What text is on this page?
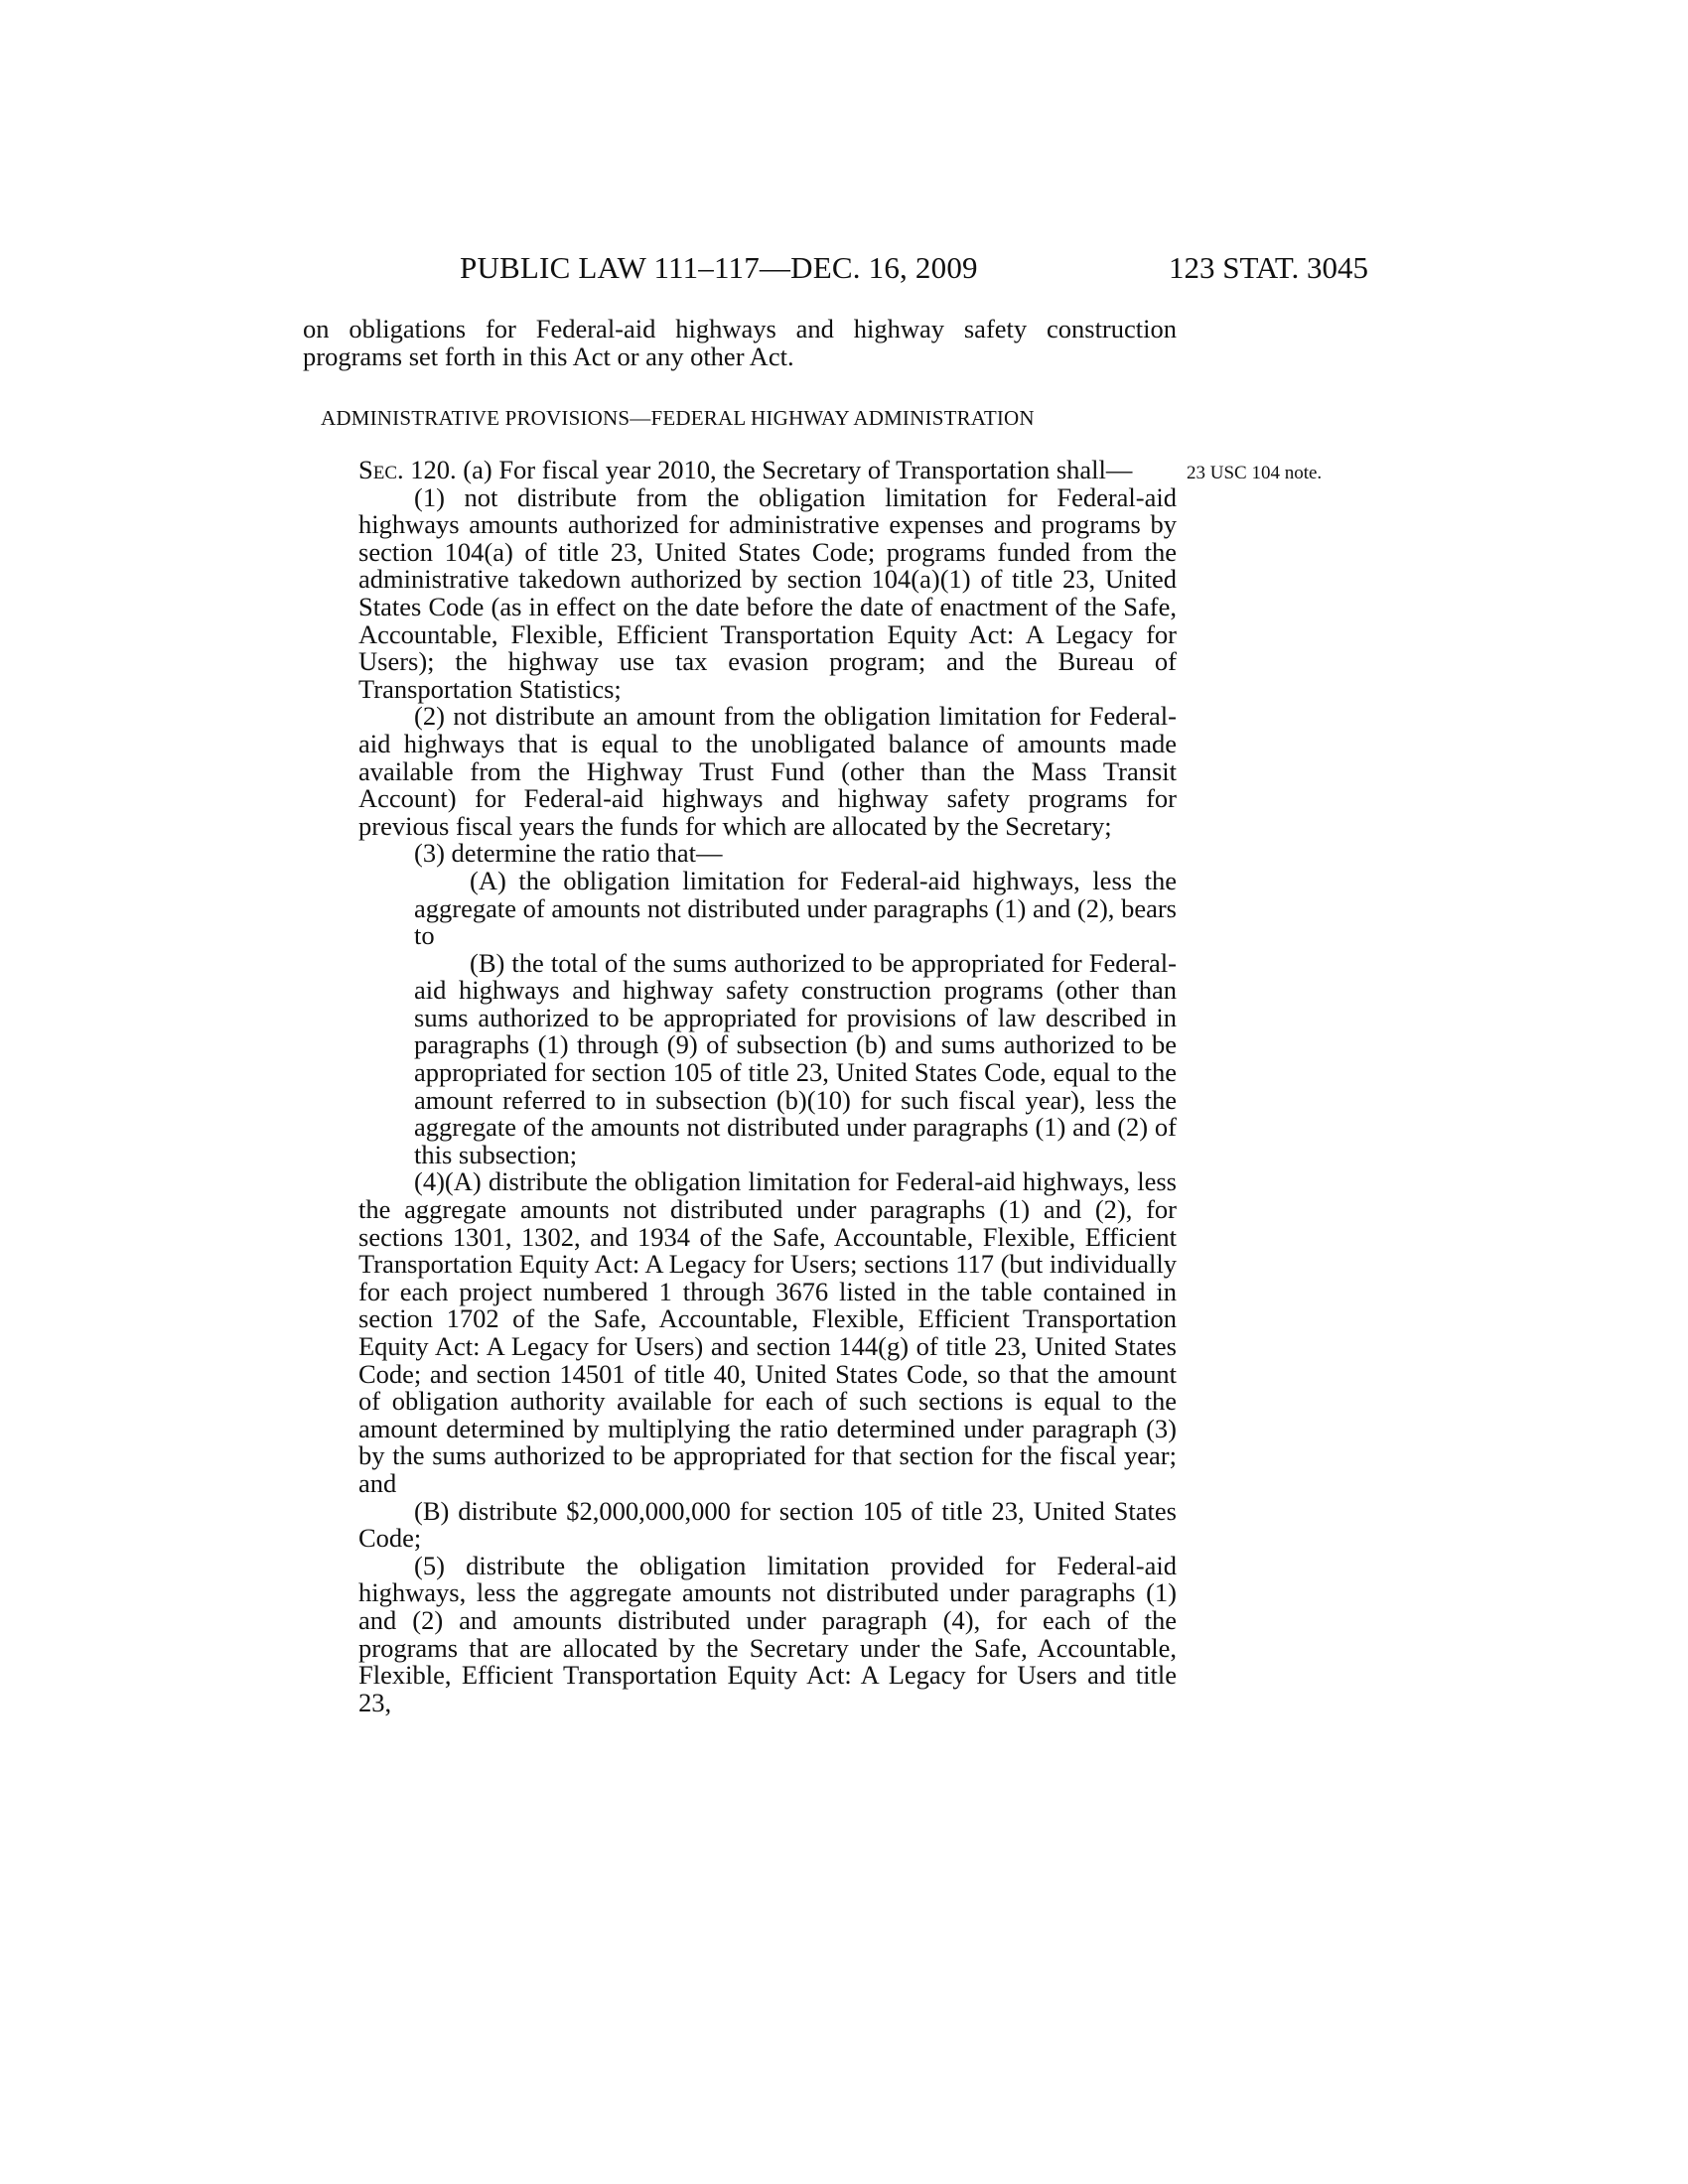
PUBLIC LAW 111–117—DEC. 16, 2009	123 STAT. 3045
on obligations for Federal-aid highways and highway safety construction programs set forth in this Act or any other Act.
ADMINISTRATIVE PROVISIONS—FEDERAL HIGHWAY ADMINISTRATION
23 USC 104 note.

Sec. 120. (a) For fiscal year 2010, the Secretary of Transportation shall—

(1) not distribute from the obligation limitation for Federal-aid highways amounts authorized for administrative expenses and programs by section 104(a) of title 23, United States Code; programs funded from the administrative takedown authorized by section 104(a)(1) of title 23, United States Code (as in effect on the date before the date of enactment of the Safe, Accountable, Flexible, Efficient Transportation Equity Act: A Legacy for Users); the highway use tax evasion program; and the Bureau of Transportation Statistics;

(2) not distribute an amount from the obligation limitation for Federal-aid highways that is equal to the unobligated balance of amounts made available from the Highway Trust Fund (other than the Mass Transit Account) for Federal-aid highways and highway safety programs for previous fiscal years the funds for which are allocated by the Secretary;

(3) determine the ratio that—

(A) the obligation limitation for Federal-aid highways, less the aggregate of amounts not distributed under paragraphs (1) and (2), bears to

(B) the total of the sums authorized to be appropriated for Federal-aid highways and highway safety construction programs (other than sums authorized to be appropriated for provisions of law described in paragraphs (1) through (9) of subsection (b) and sums authorized to be appropriated for section 105 of title 23, United States Code, equal to the amount referred to in subsection (b)(10) for such fiscal year), less the aggregate of the amounts not distributed under paragraphs (1) and (2) of this subsection;

(4)(A) distribute the obligation limitation for Federal-aid highways, less the aggregate amounts not distributed under paragraphs (1) and (2), for sections 1301, 1302, and 1934 of the Safe, Accountable, Flexible, Efficient Transportation Equity Act: A Legacy for Users; sections 117 (but individually for each project numbered 1 through 3676 listed in the table contained in section 1702 of the Safe, Accountable, Flexible, Efficient Transportation Equity Act: A Legacy for Users) and section 144(g) of title 23, United States Code; and section 14501 of title 40, United States Code, so that the amount of obligation authority available for each of such sections is equal to the amount determined by multiplying the ratio determined under paragraph (3) by the sums authorized to be appropriated for that section for the fiscal year; and

(B) distribute $2,000,000,000 for section 105 of title 23, United States Code;

(5) distribute the obligation limitation provided for Federal-aid highways, less the aggregate amounts not distributed under paragraphs (1) and (2) and amounts distributed under paragraph (4), for each of the programs that are allocated by the Secretary under the Safe, Accountable, Flexible, Efficient Transportation Equity Act: A Legacy for Users and title 23,
